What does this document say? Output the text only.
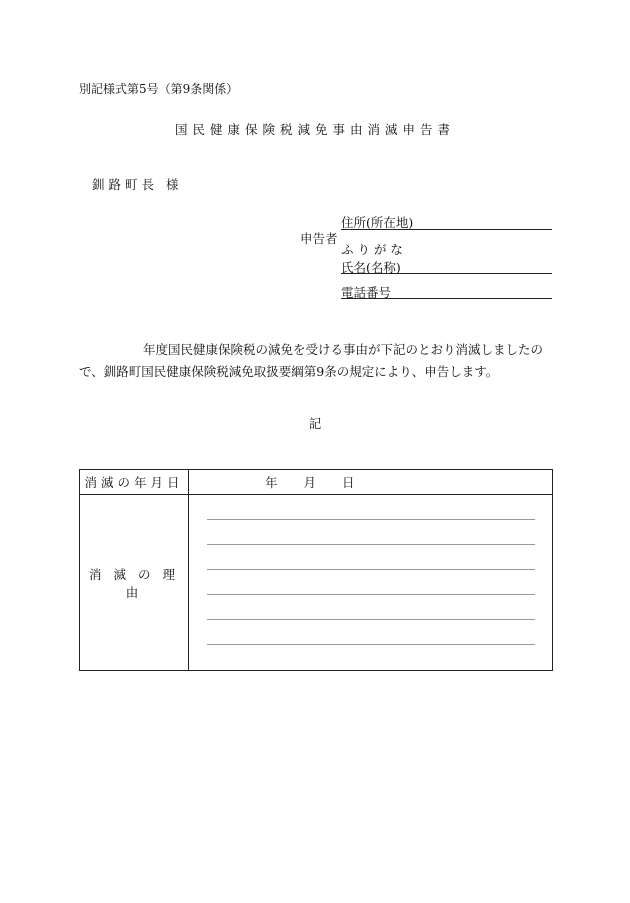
別記様式第5号（第9条関係）
国民健康保険税減免事由消滅申告書
釧路町長 様
申告者
住所(所在地)
ふ り が な
氏名(名称)
電話番号
年度国民健康保険税の減免を受ける事由が下記のとおり消滅しましたので、釧路町国民健康保険税減免取扱要綱第9条の規定により、申告します。
記
消滅の年月日	年 月 日
消 滅 の 理 由	
